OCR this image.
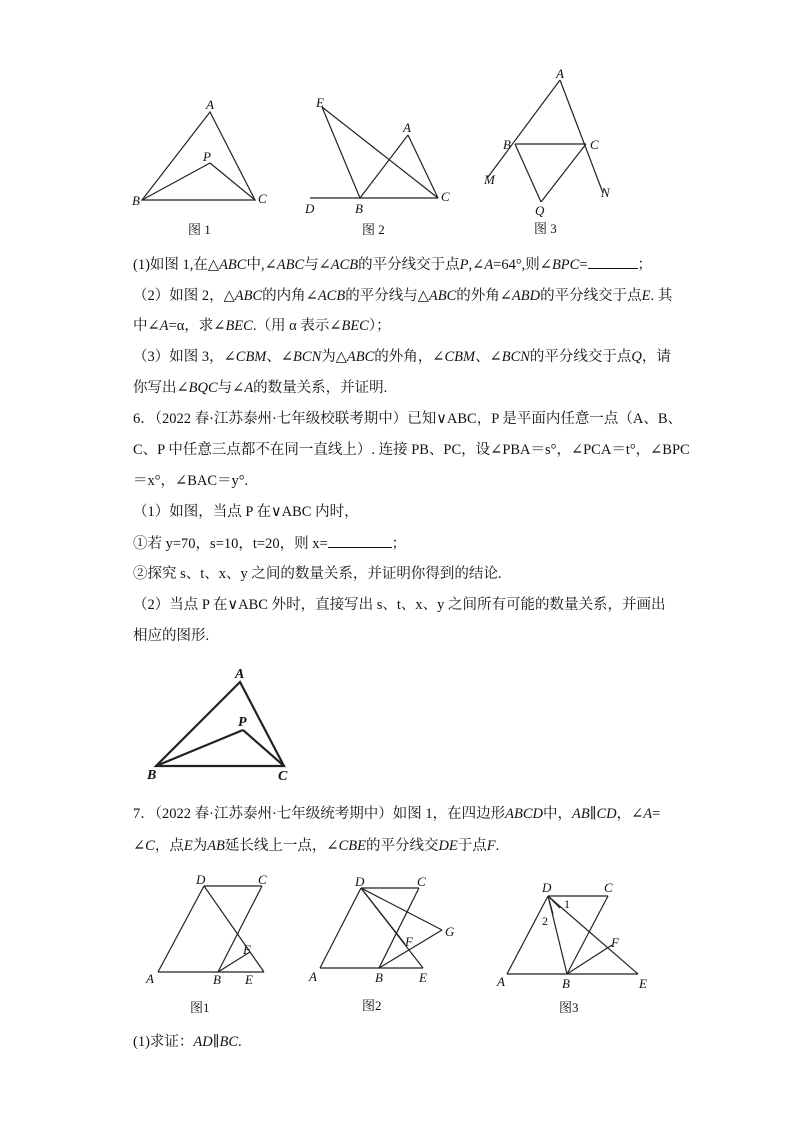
A
B	C
P
图 1
E
A
D	B
C
图 2
A
B	C
M
N
Q
图 3
(1)如图 1,在△ABC中,∠ABC与∠ACB的平分线交于点P,∠A=64°,则∠BPC=	；
（2）如图 2，△ABC的内角∠ACB的平分线与△ABC的外角∠ABD的平分线交于点E. 其
中∠A=α，求∠BEC.（用 α 表示∠BEC）；
（3）如图 3，∠CBM、∠BCN为△ABC的外角，∠CBM、∠BCN的平分线交于点Q，请
你写出∠BQC与∠A的数量关系，并证明.
6．（2022 春·江苏泰州·七年级校联考期中）已知∨ABC，P 是平面内任意一点（A、B、
C、P 中任意三点都不在同一直线上）. 连接 PB、PC，设∠PBA＝s°，∠PCA＝t°，∠BPC
＝x°，∠BAC＝y°.
（1）如图，当点 P 在∨ABC 内时，
①若 y=70，s=10，t=20，则 x=	；
②探究 s、t、x、y 之间的数量关系，并证明你得到的结论.
（2）当点 P 在∨ABC 外时，直接写出 s、t、x、y 之间所有可能的数量关系，并画出
相应的图形.
A
B	C
P
7．（2022 春·江苏泰州·七年级统考期中）如图 1，在四边形ABCD中，AB∥CD，∠A=
∠C，点E为AB延长线上一点，∠CBE的平分线交DE于点F.
D	C
A	B E
F
图1
D	C
A	B	E
F
G
图2
D	C
A	B	E
F
1
2
图3
(1)求证：AD∥BC.
